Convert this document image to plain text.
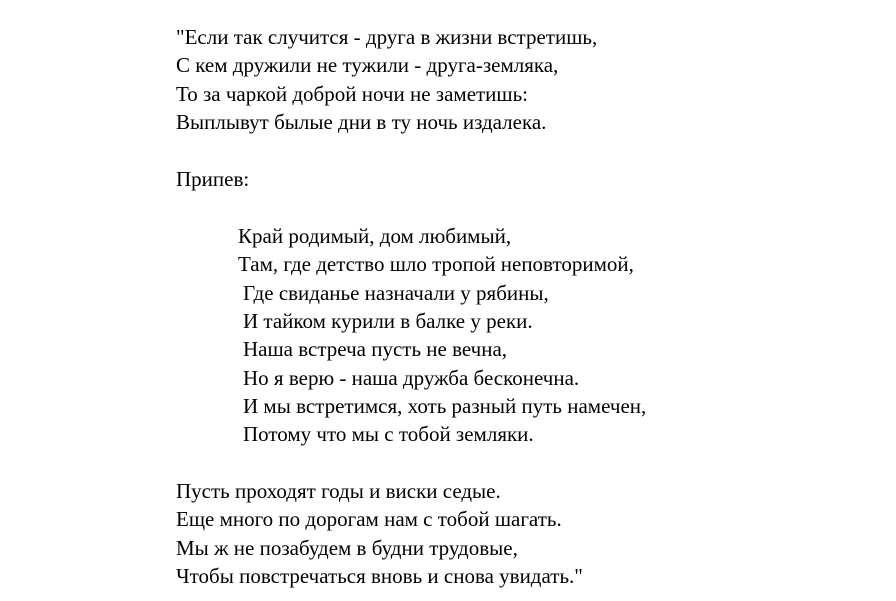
"Если так случится - друга в жизни встретишь,
С кем дружили не тужили - друга-земляка,
То за чаркой доброй ночи не заметишь:
Выплывут былые дни в ту ночь издалека.
Припев:
Край родимый, дом любимый,
Там, где детство шло тропой неповторимой,
Где свиданье назначали у рябины,
И тайком курили в балке у реки.
Наша встреча пусть не вечна,
Но я верю - наша дружба бесконечна.
И мы встретимся, хоть разный путь намечен,
Потому что мы с тобой земляки.
Пусть проходят годы и виски седые.
Еще много по дорогам нам с тобой шагать.
Мы ж не позабудем в будни трудовые,
Чтобы повстречаться вновь и снова увидать."
